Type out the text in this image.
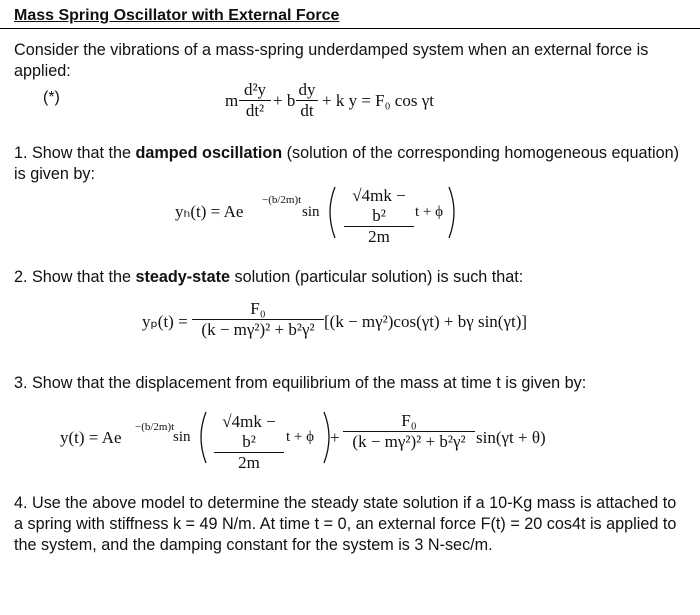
Mass Spring Oscillator with External Force
Consider the vibrations of a mass-spring underdamped system when an external force is applied:
(*)	m $\frac{\text{d²y}}{\text{dt²}} + b \frac{dy}{dt} + k$ y = F₀ cos γt
1. Show that the damped oscillation (solution of the corresponding homogeneous equation) is given by:
yₕ(t) = Ae
−(b/2m)t
$\sin \frac{\text{√4mk − b²}}{2m}$ t + ϕ
2. Show that the steady-state solution (particular solution) is such that:
$y_p(t) = \frac{\text{F₀}}{\text{(k − mγ²)² + b²γ²}} [(k - m\gamma^2)\cos(\gamma t) + b\gamma$ sin(γt)]
3. Show that the displacement from equilibrium of the mass at time t is given by:
y(t) = Ae
−(b/2m)t
$\sin \frac{\text{√4mk − b²}}{2m}$ $t + \phi + \frac{\text{F₀}}{\text{(k − mγ²)² + b²γ²}} \sin(\gamma t + \theta)$
4. Use the above model to determine the steady state solution if a 10-Kg mass is attached to a spring with stiffness k = 49 N/m. At time t = 0, an external force F(t) = 20 cos4t is applied to the system, and the damping constant for the system is 3 N-sec/m.
